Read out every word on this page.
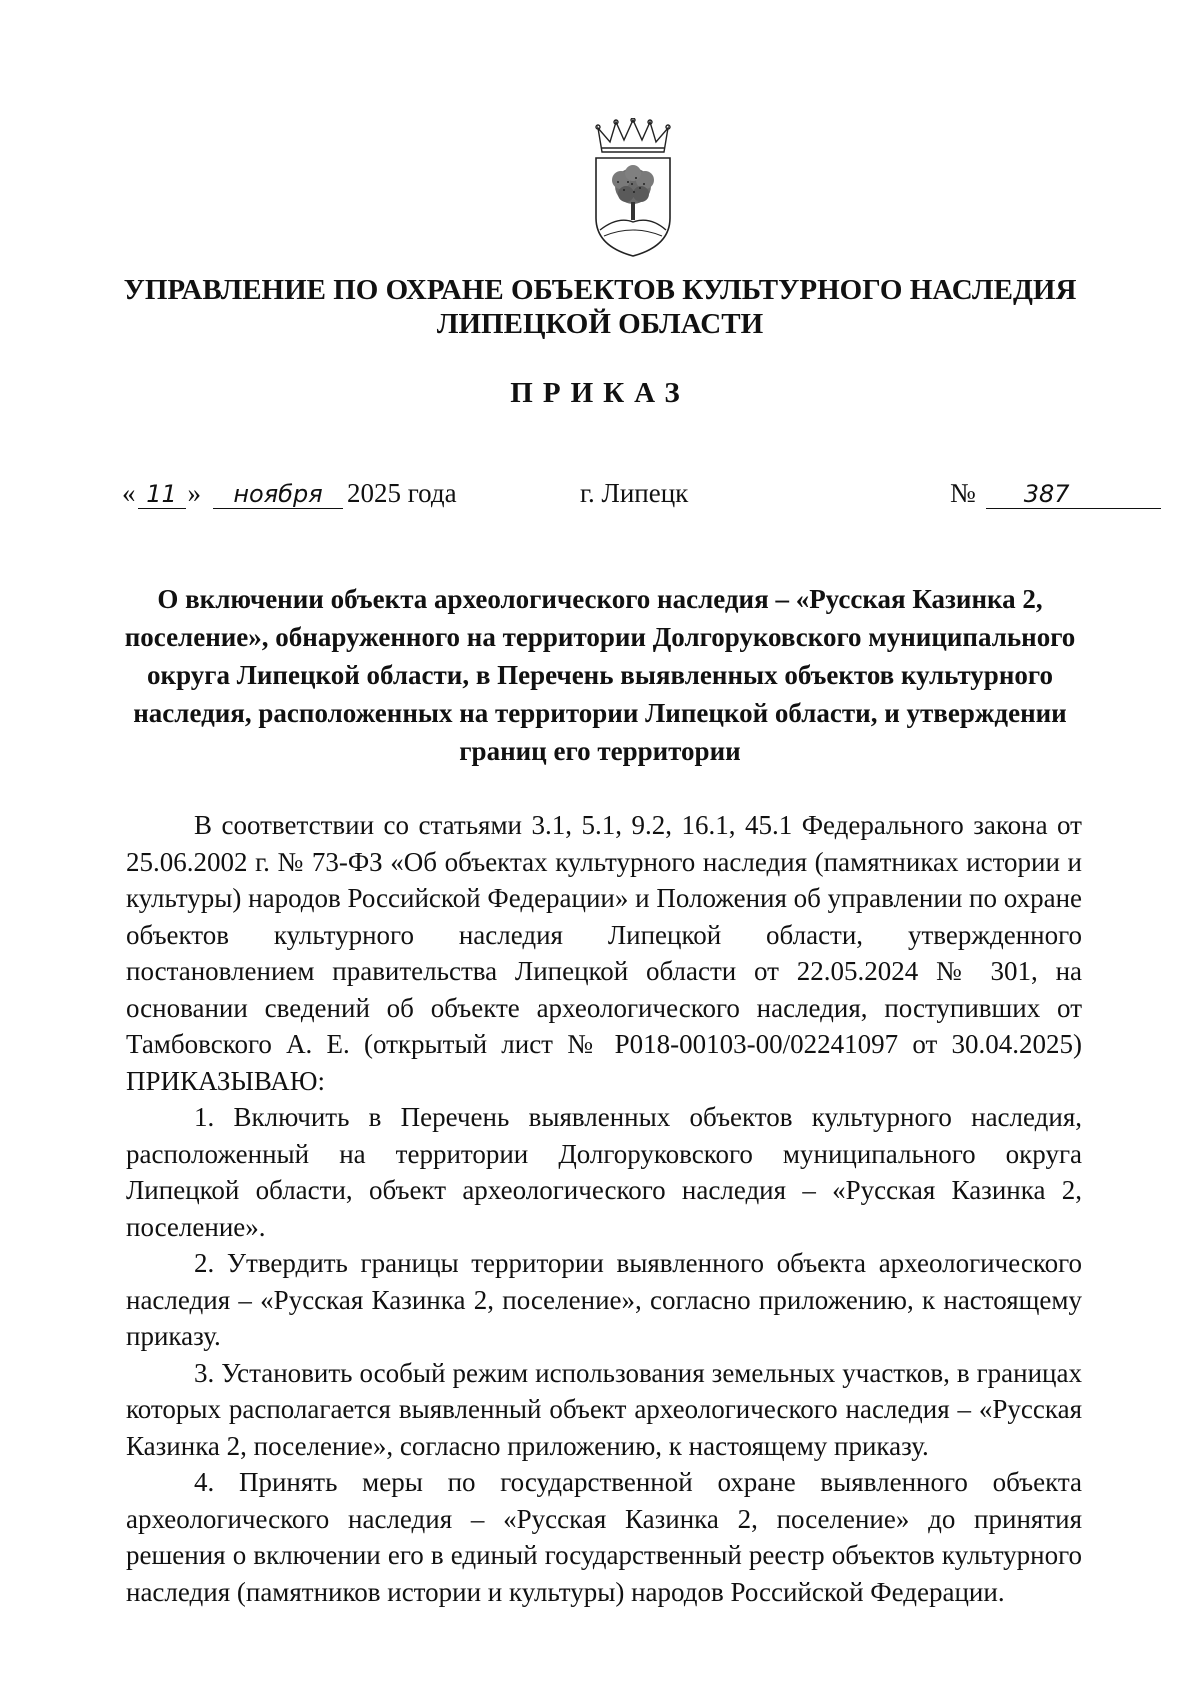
УПРАВЛЕНИЕ ПО ОХРАНЕ ОБЪЕКТОВ КУЛЬТУРНОГО НАСЛЕДИЯ
ЛИПЕЦКОЙ ОБЛАСТИ
ПРИКАЗ
« 11 » ноября 2025 года	г. Липецк	№ 387
О включении объекта археологического наследия – «Русская Казинка 2, поселение», обнаруженного на территории Долгоруковского муниципального округа Липецкой области, в Перечень выявленных объектов культурного наследия, расположенных на территории Липецкой области, и утверждении границ его территории

В соответствии со статьями 3.1, 5.1, 9.2, 16.1, 45.1 Федерального закона от 25.06.2002 г. № 73-ФЗ «Об объектах культурного наследия (памятниках истории и культуры) народов Российской Федерации» и Положения об управлении по охране объектов культурного наследия Липецкой области, утвержденного постановлением правительства Липецкой области от 22.05.2024 № 301, на основании сведений об объекте археологического наследия, поступивших от Тамбовского А. Е. (открытый лист № Р018-00103-00/02241097 от 30.04.2025) ПРИКАЗЫВАЮ:

1. Включить в Перечень выявленных объектов культурного наследия, расположенный на территории Долгоруковского муниципального округа Липецкой области, объект археологического наследия – «Русская Казинка 2, поселение».

2. Утвердить границы территории выявленного объекта археологического наследия – «Русская Казинка 2, поселение», согласно приложению, к настоящему приказу.

3. Установить особый режим использования земельных участков, в границах которых располагается выявленный объект археологического наследия – «Русская Казинка 2, поселение», согласно приложению, к настоящему приказу.

4. Принять меры по государственной охране выявленного объекта археологического наследия – «Русская Казинка 2, поселение» до принятия решения о включении его в единый государственный реестр объектов культурного наследия (памятников истории и культуры) народов Российской Федерации.
